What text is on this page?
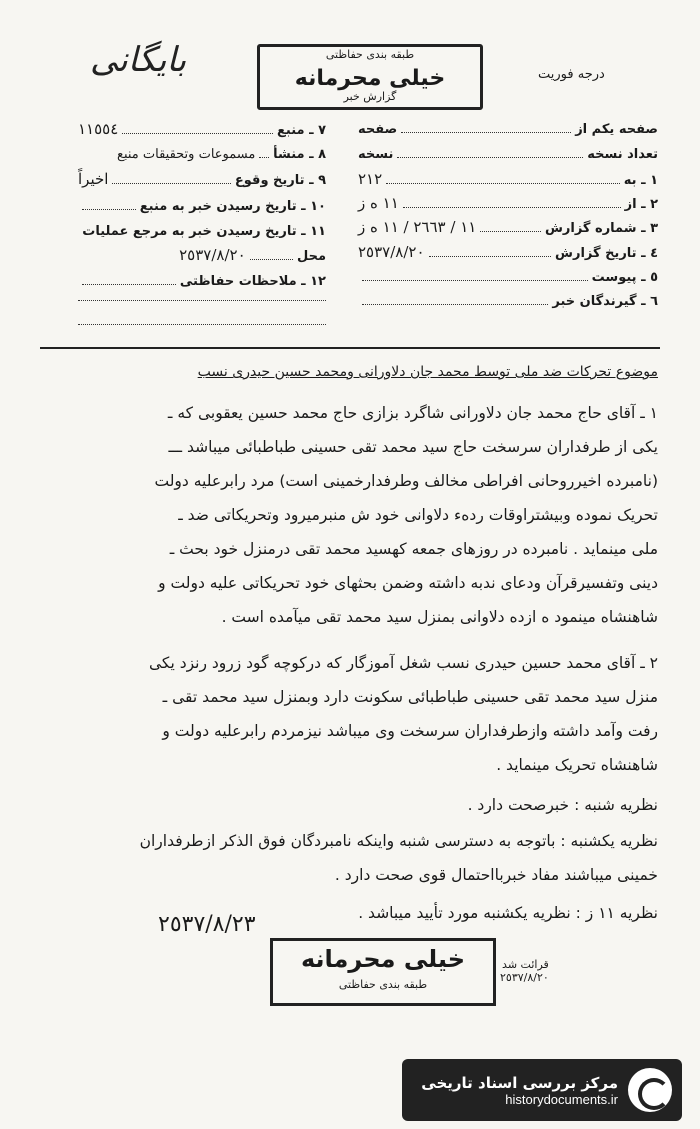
بایگانی	طبقه بندی حفاظتی
خیلی محرمانه
گزارش خبر
درجه فوریت
صفحه یکم از
صفحه
تعداد نسخه
نسخه
١ ـ به
٢١٢
٢ ـ از
١١ ه ز
٣ ـ شماره گزارش
١١ / ٢٦٦٣ / ١١ ه ز
٤ ـ تاریخ گزارش
٢٥٣٧/٨/٢٠
٥ ـ پیوست
٦ ـ گیرندگان خبر
٧ ـ منبع
١١٥٥٤
٨ ـ منشأ
مسموعات وتحقیقات منبع
٩ ـ تاریخ وقوع
اخیراً
١٠ ـ تاریخ رسیدن خبر به منبع
١١ ـ تاریخ رسیدن خبر به مرجع عملیات
محل
٢٥٣٧/٨/٢٠
١٢ ـ ملاحظات حفاظتی
موضوع تحرکات ضد ملی توسط محمد جان دلاورانی ومحمد حسین حیدری نسب
١ ـ آقای حاج محمد جان دلاورانی شاگرد بزازی حاج محمد حسین یعقوبی که ـ
یکی از طرفداران سرسخت حاج سید محمد تقی حسینی طباطبائی میباشد ـــ
(نامبرده اخیرروحانی افراطی مخالف وطرفدارخمینی است) مرد رابرعلیه دولت
تحریک نموده وبیشتراوقات ردهء دلاوانی خود ش منبرمیرود وتحریکاتی ضد ـ
ملی مینماید . نامبرده در روزهای جمعه کهسید محمد تقی درمنزل خود بحث ـ
دینی وتفسیرقرآن ودعای ندبه داشته وضمن بحثهای خود تحریکاتی علیه دولت و
شاهنشاه مینمود ه ازده دلاوانی بمنزل سید محمد تقی میآمده است .
٢ ـ آقای محمد حسین حیدری نسب شغل آموزگار که درکوچه گود زرود رنزد یکی
منزل سید محمد تقی حسینی طباطبائی سکونت دارد وبمنزل سید محمد تقی ـ
رفت وآمد داشته وازطرفداران سرسخت وی میباشد نیزمردم رابرعلیه دولت و
شاهنشاه تحریک مینماید .
نظریه شنبه : خبرصحت دارد .
نظریه یکشنبه : باتوجه به دسترسی شنبه واینکه نامبردگان فوق الذکر ازطرفداران
خمینی میباشند مفاد خبربااحتمال قوی صحت دارد .
نظریه ١١ ز : نظریه یکشنبه مورد تأیید میباشد .
٢٥٣٧/٨/٢٣
خیلی محرمانه
طبقه بندی حفاظتی
قرائت شد
٢٥٣٧/٨/٢٠
مرکز بررسی اسناد تاریخی
historydocuments.ir
